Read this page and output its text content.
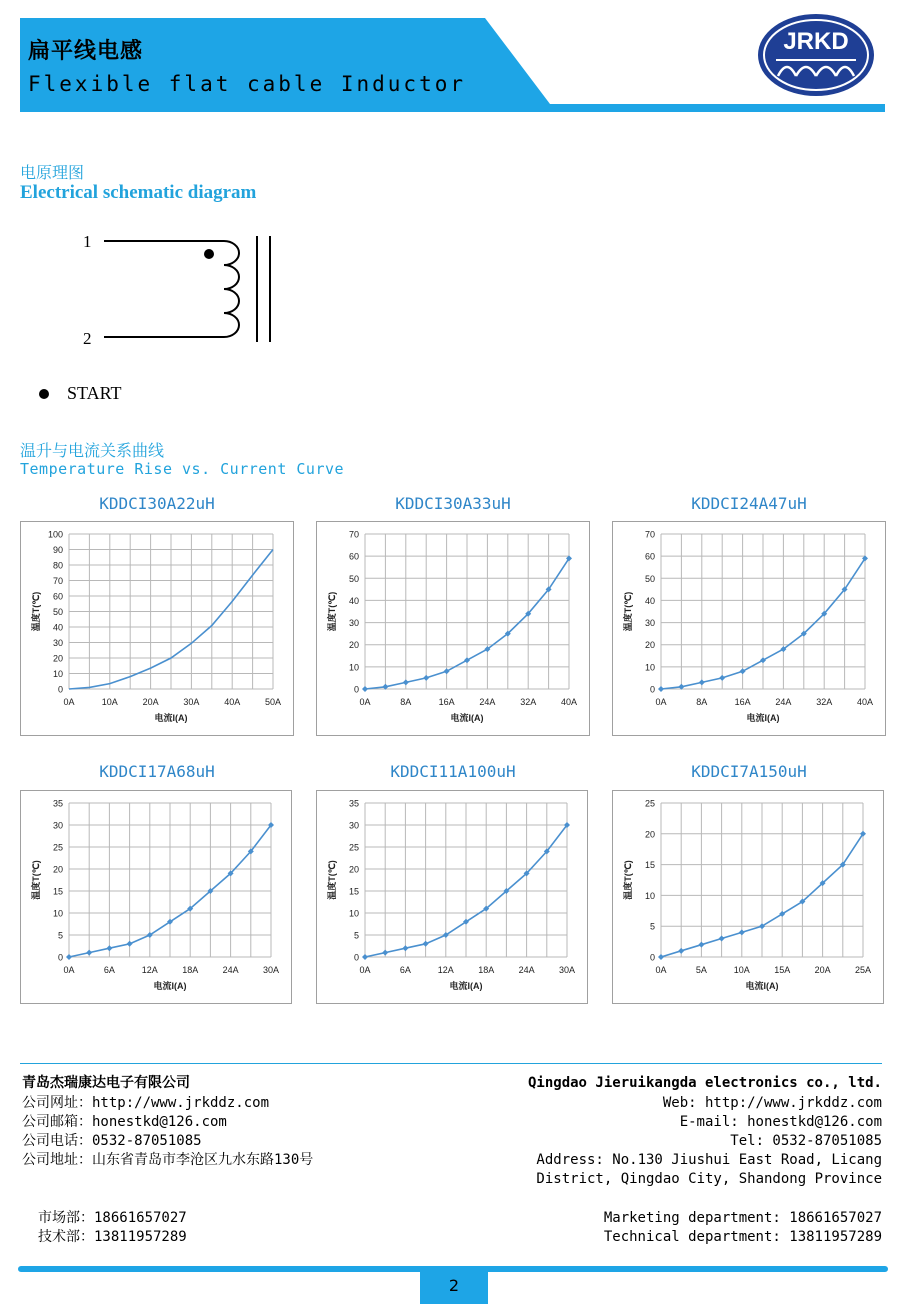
扁平线电感
Flexible flat cable Inductor
JRKD
电原理图
Electrical schematic diagram
1
2
START
温升与电流关系曲线
Temperature Rise vs. Current Curve
KDDCI30A22uH	KDDCI30A33uH	KDDCI24A47uH
KDDCI17A68uH	KDDCI11A100uH	KDDCI7A150uH
0
10
20
30
40
50
60
70
80
90
100
0A	10A	20A	30A	40A	50A
电流I(A)
温度T(℃)
0
10
20
30
40
50
60
70
0A	8A	16A	24A	32A	40A
电流I(A)
温度T(℃)
0
10
20
30
40
50
60
70
0A	8A	16A	24A	32A	40A
电流I(A)
温度T(℃)
0
5
10
15
20
25
30
35
0A	6A	12A	18A	24A	30A
电流I(A)
温度T(℃)
0
5
10
15
20
25
30
35
0A	6A	12A	18A	24A	30A
电流I(A)
温度T(℃)
0
5
10
15
20
25
0A	5A	10A	15A	20A	25A
电流I(A)
温度T(℃)
青岛杰瑞康达电子有限公司
公司网址：http://www.jrkddz.com
公司邮箱：honestkd@126.com
公司电话：0532-87051085
公司地址：山东省青岛市李沧区九水东路130号
Qingdao Jieruikangda electronics co., ltd.
Web: http://www.jrkddz.com
E-mail: honestkd@126.com
Tel: 0532-87051085
Address: No.130 Jiushui East Road, Licang
District, Qingdao City, Shandong Province
市场部：18661657027
技术部：13811957289
Marketing department: 18661657027
Technical department: 13811957289
2
